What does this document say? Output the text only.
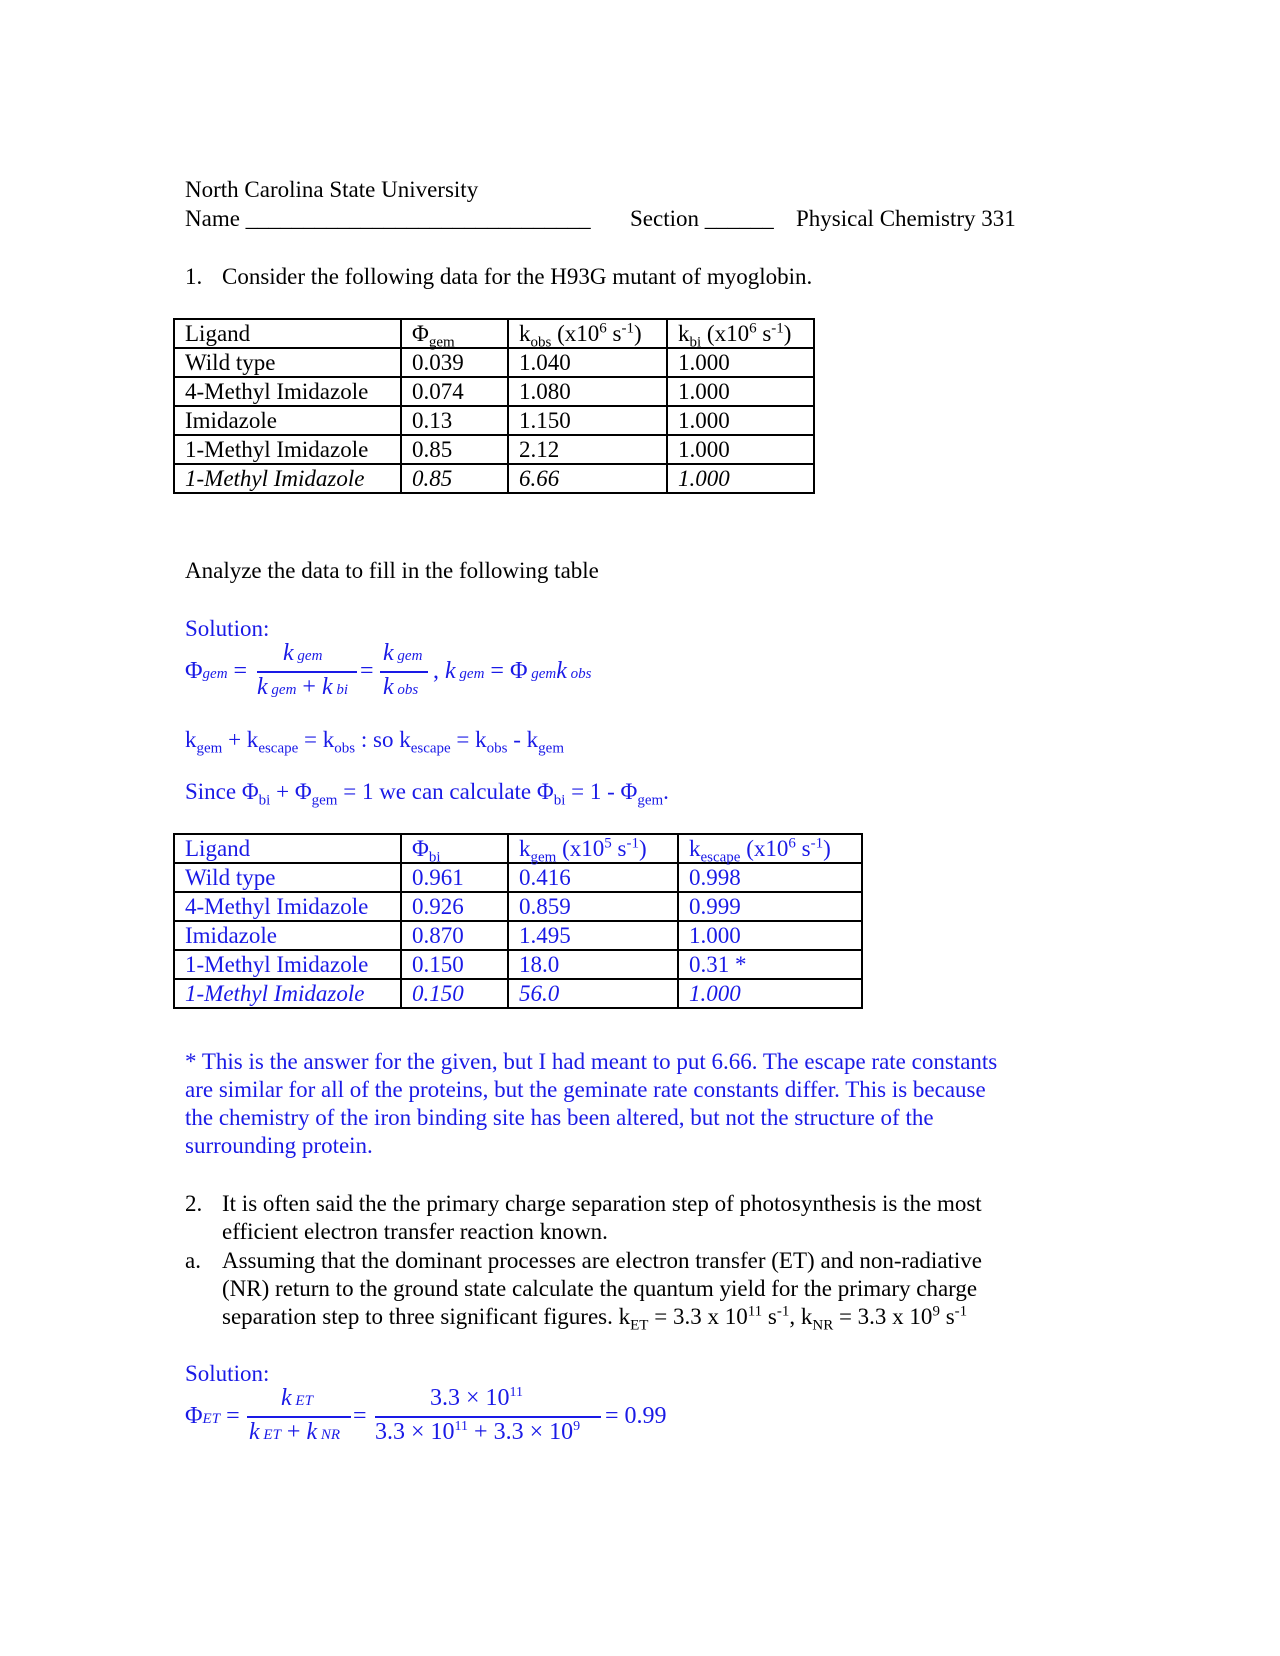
North Carolina State University
Name ______________________________ Section ______ Physical Chemistry 331
1. Consider the following data for the H93G mutant of myoglobin.
Ligand	$\Phi_{gem}$	$k_{obs}$ ($x10^6$ $s^{-1}$)	$k_{bi}$ ($x10^6$ $s^{-1}$)
Wild type	0.039	1.040	1.000
4-Methyl Imidazole	0.074	1.080	1.000
Imidazole	0.13	1.150	1.000
1-Methyl Imidazole	0.85	2.12	1.000
1-Methyl Imidazole	0.85	6.66	1.000
Analyze the data to fill in the following table
Solution:
Φgem =
k gem
k gem + k bi
=
k gem
k obs
, k gem = Φ gemk obs
$k_{gem} + k_{escape} = k_{obs}$ : so $k_{escape} = k_{obs} - k_{gem}$
Since $\Phi_{bi} + \Phi_{gem} = 1$ we can calculate $\Phi_{bi} = 1 - \Phi_{gem}$.
Ligand	$\Phi_{bi}$	$k_{gem}$ ($x10^5$ $s^{-1}$)	$k_{escape}$ ($x10^6$ $s^{-1}$)
Wild type	0.961	0.416	0.998
4-Methyl Imidazole	0.926	0.859	0.999
Imidazole	0.870	1.495	1.000
1-Methyl Imidazole	0.150	18.0	0.31 *
1-Methyl Imidazole	0.150	56.0	1.000
* This is the answer for the given, but I had meant to put 6.66. The escape rate constants
are similar for all of the proteins, but the geminate rate constants differ. This is because
the chemistry of the iron binding site has been altered, but not the structure of the
surrounding protein.
2. It is often said the the primary charge separation step of photosynthesis is the most
efficient electron transfer reaction known.
a. Assuming that the dominant processes are electron transfer (ET) and non-radiative
(NR) return to the ground state calculate the quantum yield for the primary charge
separation step to three significant figures. $k_{ET} = 3.3$ x $10^{11}$ $s^{-1}$, $k_{NR} = 3.3$ x $10^9$ $s^{-1}$
Solution:
ΦET =
k ET
k ET + k NR
=
$3.3 \times 10^{11}$
$3.3 \times 10^{11} + 3.3 \times 10^9 = 0.99$
